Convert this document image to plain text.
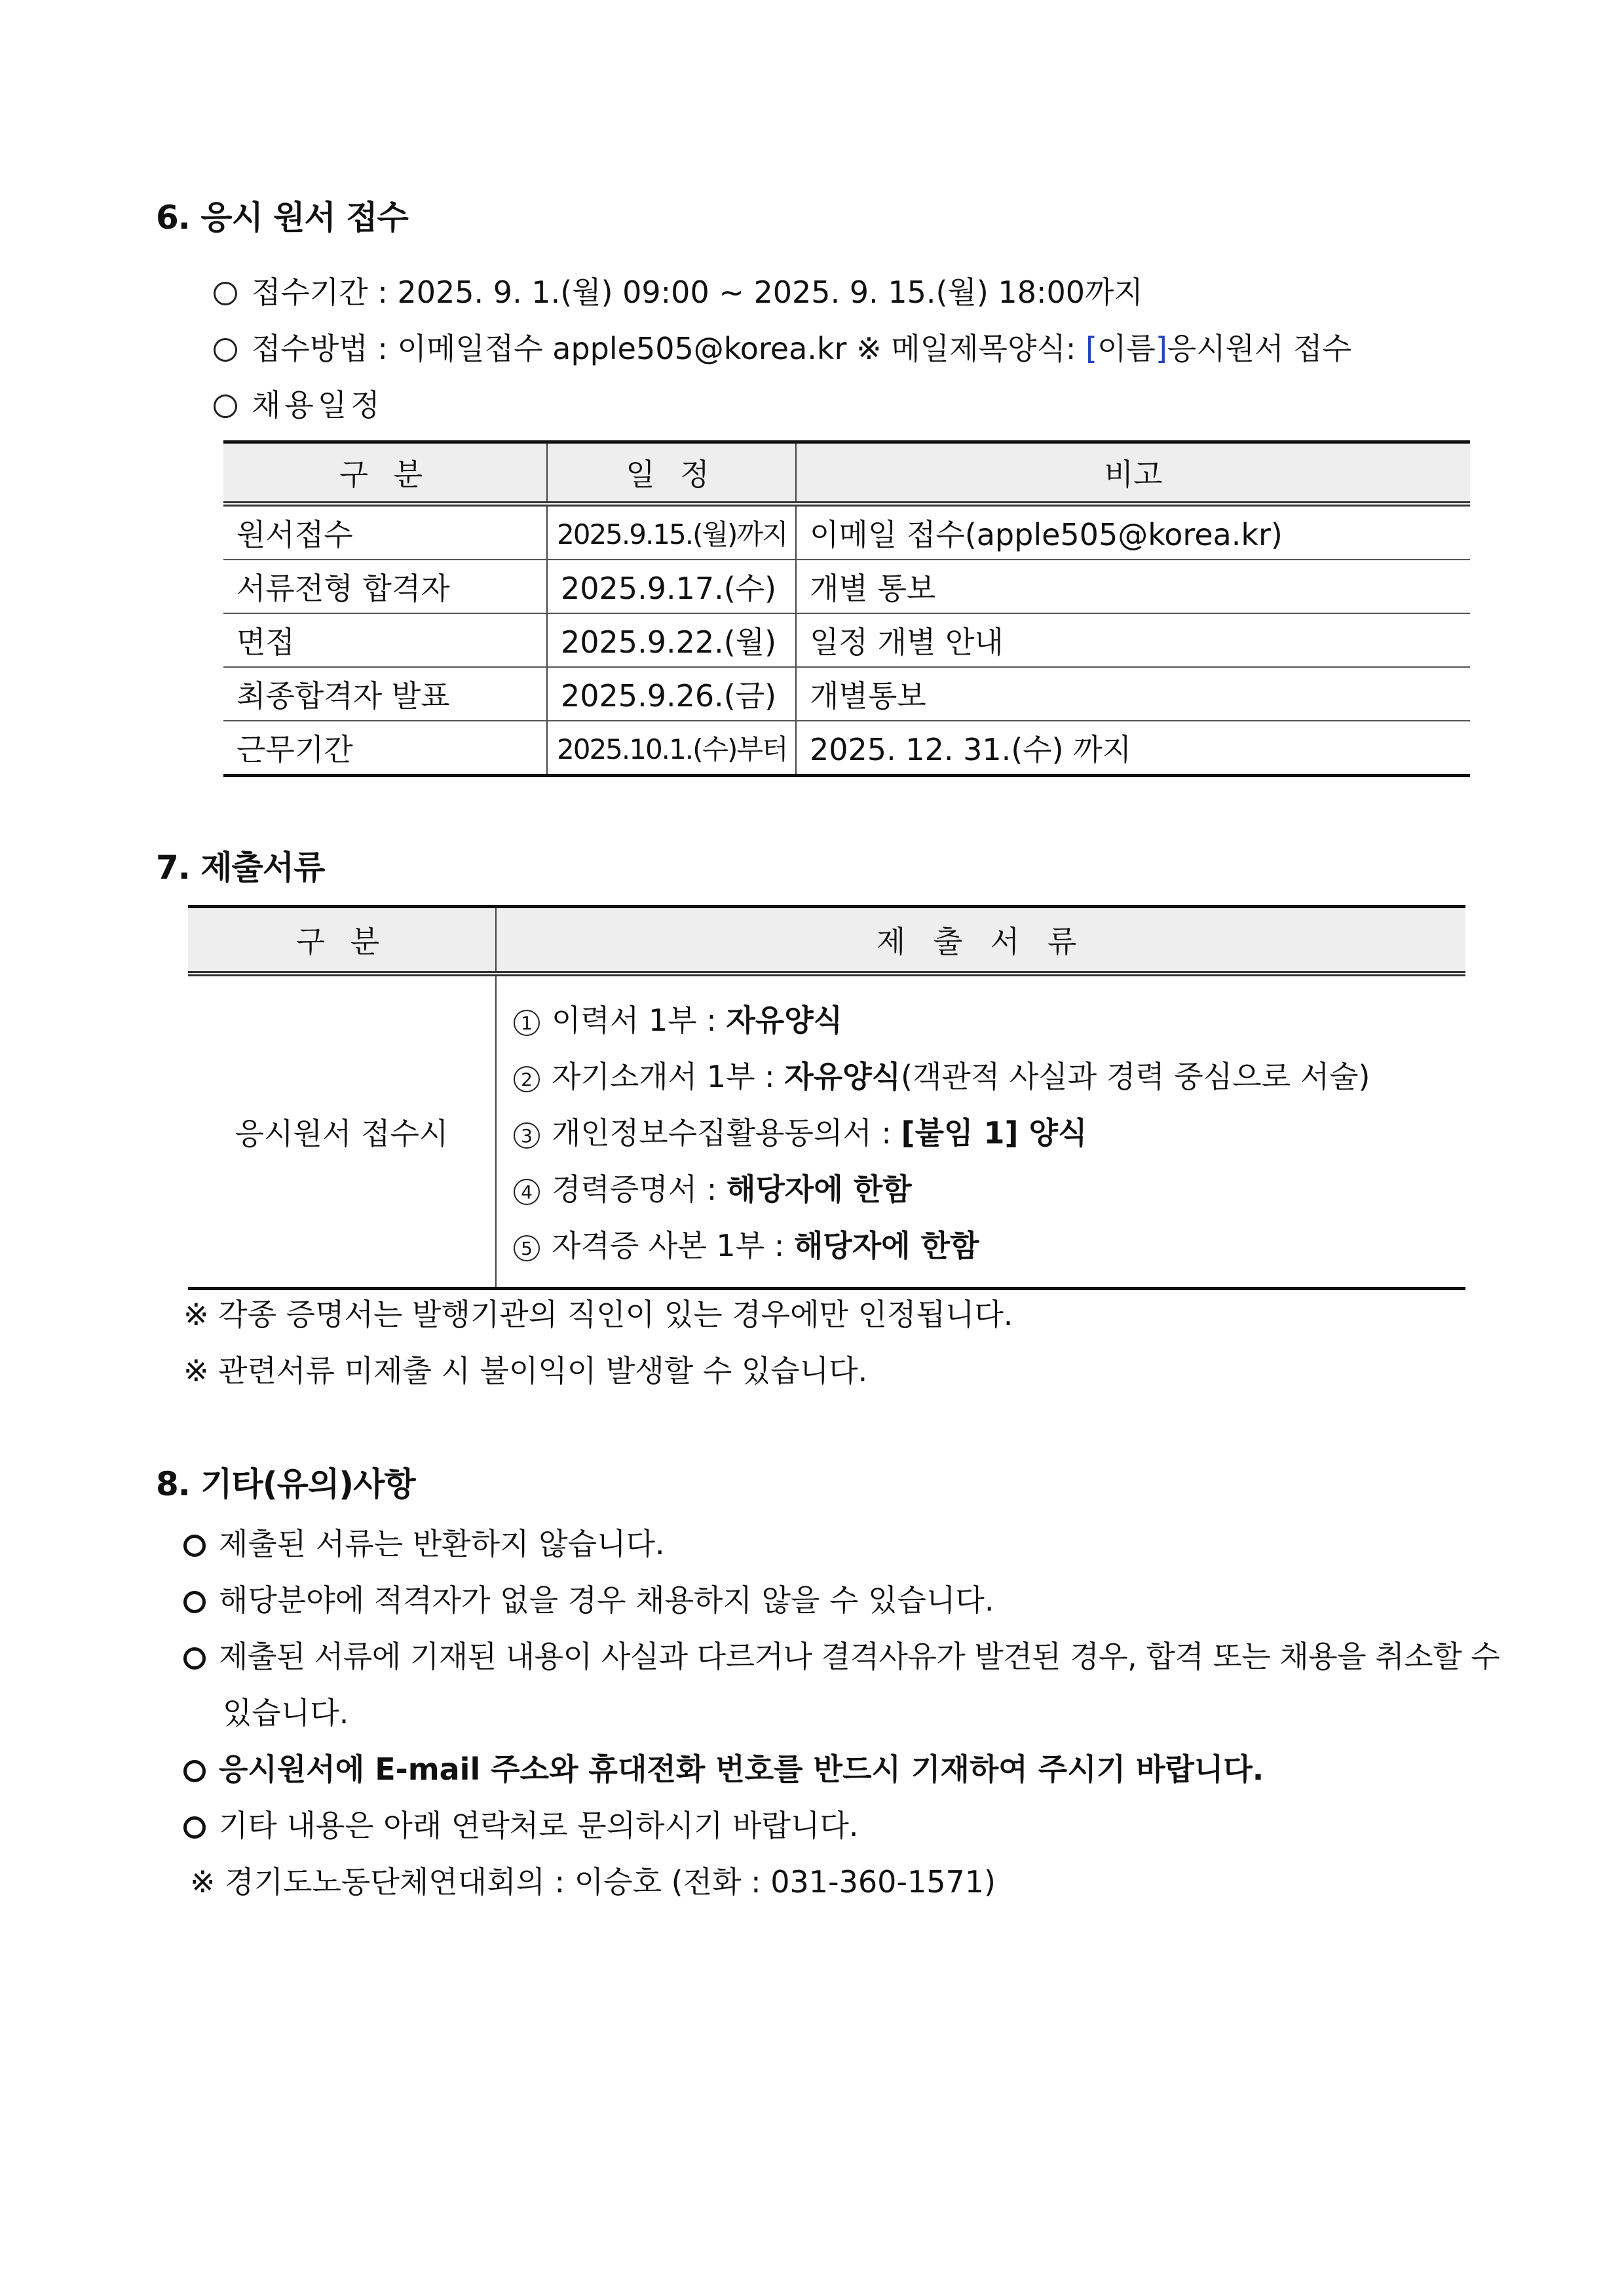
6. 응시 원서 접수
접수기간 : 2025. 9. 1.(월) 09:00 ~ 2025. 9. 15.(월) 18:00까지
접수방법 : 이메일접수 apple505@korea.kr ※ 메일제목양식: [이름]응시원서 접수
채용일정
구 분	일 정	비고
원서접수	2025.9.15.(월)까지	이메일 접수(apple505@korea.kr)
서류전형 합격자	2025.9.17.(수)	개별 통보
면접	2025.9.22.(월)	일정 개별 안내
최종합격자 발표	2025.9.26.(금)	개별통보
근무기간	2025.10.1.(수)부터	2025. 12. 31.(수) 까지
7. 제출서류
구 분	제 출 서 류
응시원서 접수시	1 이력서 1부 : 자유양식
2 자기소개서 1부 : 자유양식(객관적 사실과 경력 중심으로 서술)
3 개인정보수집활용동의서 : [붙임 1] 양식
4 경력증명서 : 해당자에 한함
5 자격증 사본 1부 : 해당자에 한함
※ 각종 증명서는 발행기관의 직인이 있는 경우에만 인정됩니다.
※ 관련서류 미제출 시 불이익이 발생할 수 있습니다.
8. 기타(유의)사항
제출된 서류는 반환하지 않습니다.
해당분야에 적격자가 없을 경우 채용하지 않을 수 있습니다.
제출된 서류에 기재된 내용이 사실과 다르거나 결격사유가 발견된 경우, 합격 또는 채용을 취소할 수
있습니다.
응시원서에 E-mail 주소와 휴대전화 번호를 반드시 기재하여 주시기 바랍니다.
기타 내용은 아래 연락처로 문의하시기 바랍니다.
※ 경기도노동단체연대회의 : 이승호 (전화 : 031-360-1571)
